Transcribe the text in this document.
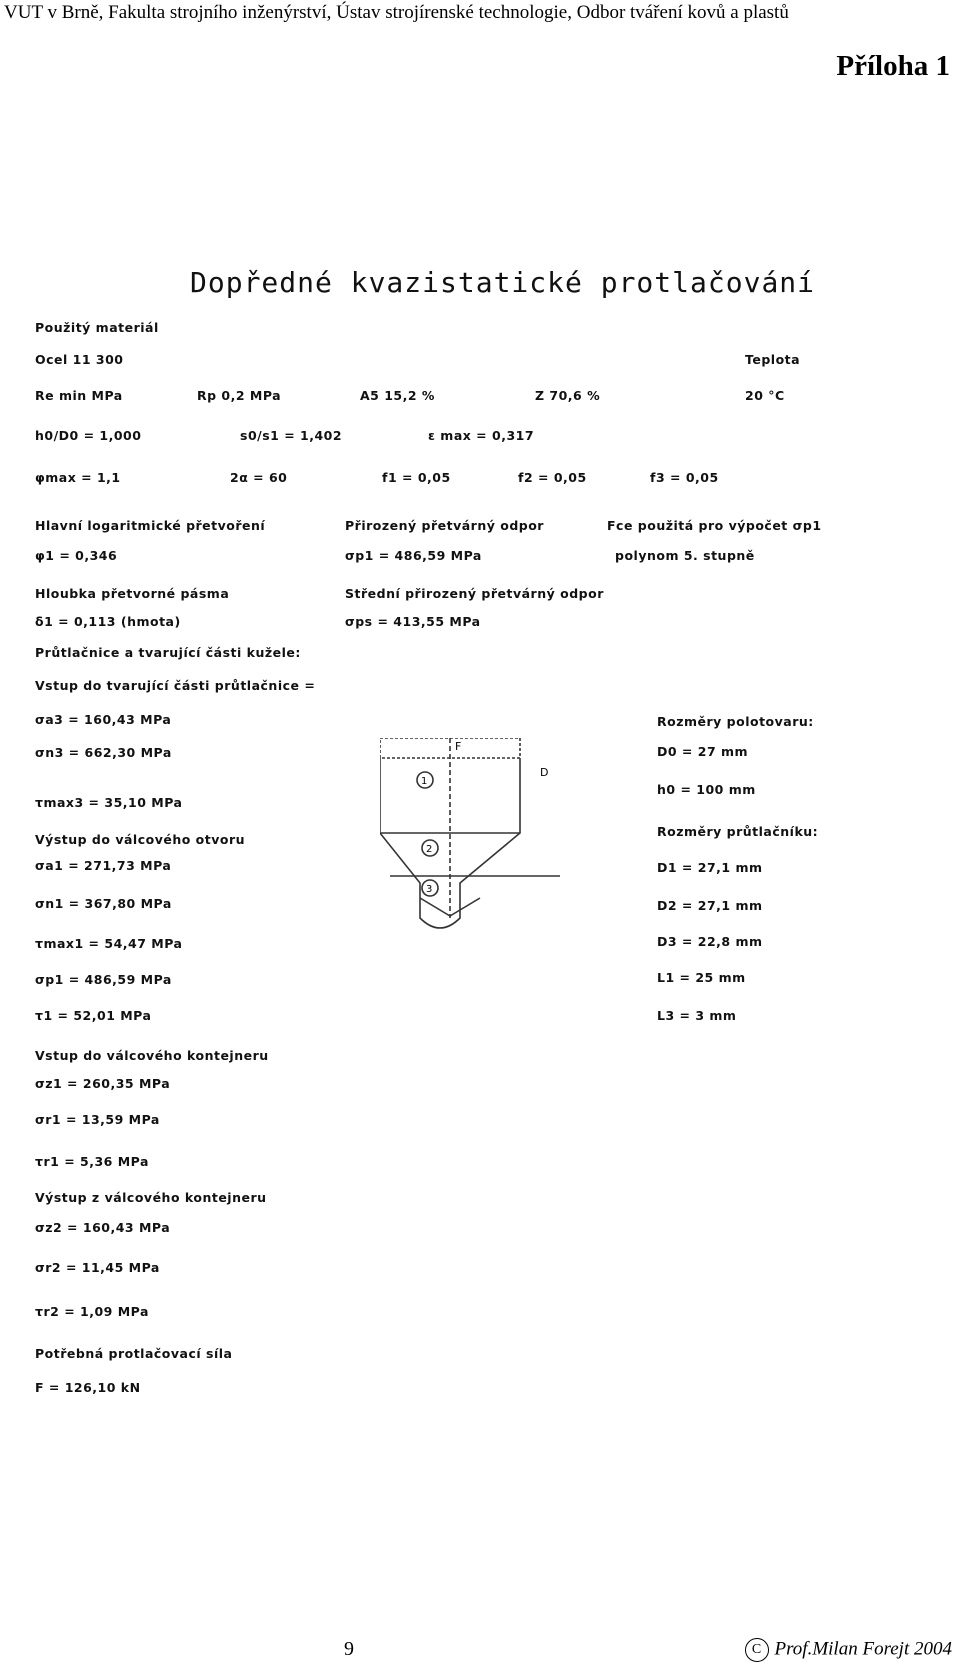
VUT v Brně, Fakulta strojního inženýrství, Ústav strojírenské technologie, Odbor tváření kovů a plastů
Příloha 1
Dopředné kvazistatické protlačování
Použitý materiál
Ocel 11 300	Teplota
Re min MPa	Rp 0,2 MPa	A5 15,2 %	Z 70,6 %	20 °C
h0/D0 = 1,000	s0/s1 = 1,402	ε max = 0,317
φmax = 1,1	2α = 60	f1 = 0,05	f2 = 0,05	f3 = 0,05
Hlavní logaritmické přetvoření	Přirozený přetvárný odpor	Fce použitá pro výpočet σp1
φ1 = 0,346	σp1 = 486,59 MPa	polynom 5. stupně
Hloubka přetvorné pásma	Střední přirozený přetvárný odpor
δ1 = 0,113 (hmota)	σps = 413,55 MPa
Průtlačnice a tvarující části kužele:
Vstup do tvarující části průtlačnice =
σa3 = 160,43 MPa
σn3 = 662,30 MPa
τmax3 = 35,10 MPa
Výstup do válcového otvoru
σa1 = 271,73 MPa
σn1 = 367,80 MPa
τmax1 = 54,47 MPa
σp1 = 486,59 MPa
τ1 = 52,01 MPa
Vstup do válcového kontejneru
σz1 = 260,35 MPa
σr1 = 13,59 MPa
τr1 = 5,36 MPa
Výstup z válcového kontejneru
σz2 = 160,43 MPa
σr2 = 11,45 MPa
τr2 = 1,09 MPa
Potřebná protlačovací síla
F = 126,10 kN
Rozměry polotovaru:
D0 = 27 mm
h0 = 100 mm
Rozměry průtlačníku:
D1 = 27,1 mm
D2 = 27,1 mm
D3 = 22,8 mm
L1 = 25 mm
L3 = 3 mm
F
D
1
2
3
9	C Prof.Milan Forejt 2004
